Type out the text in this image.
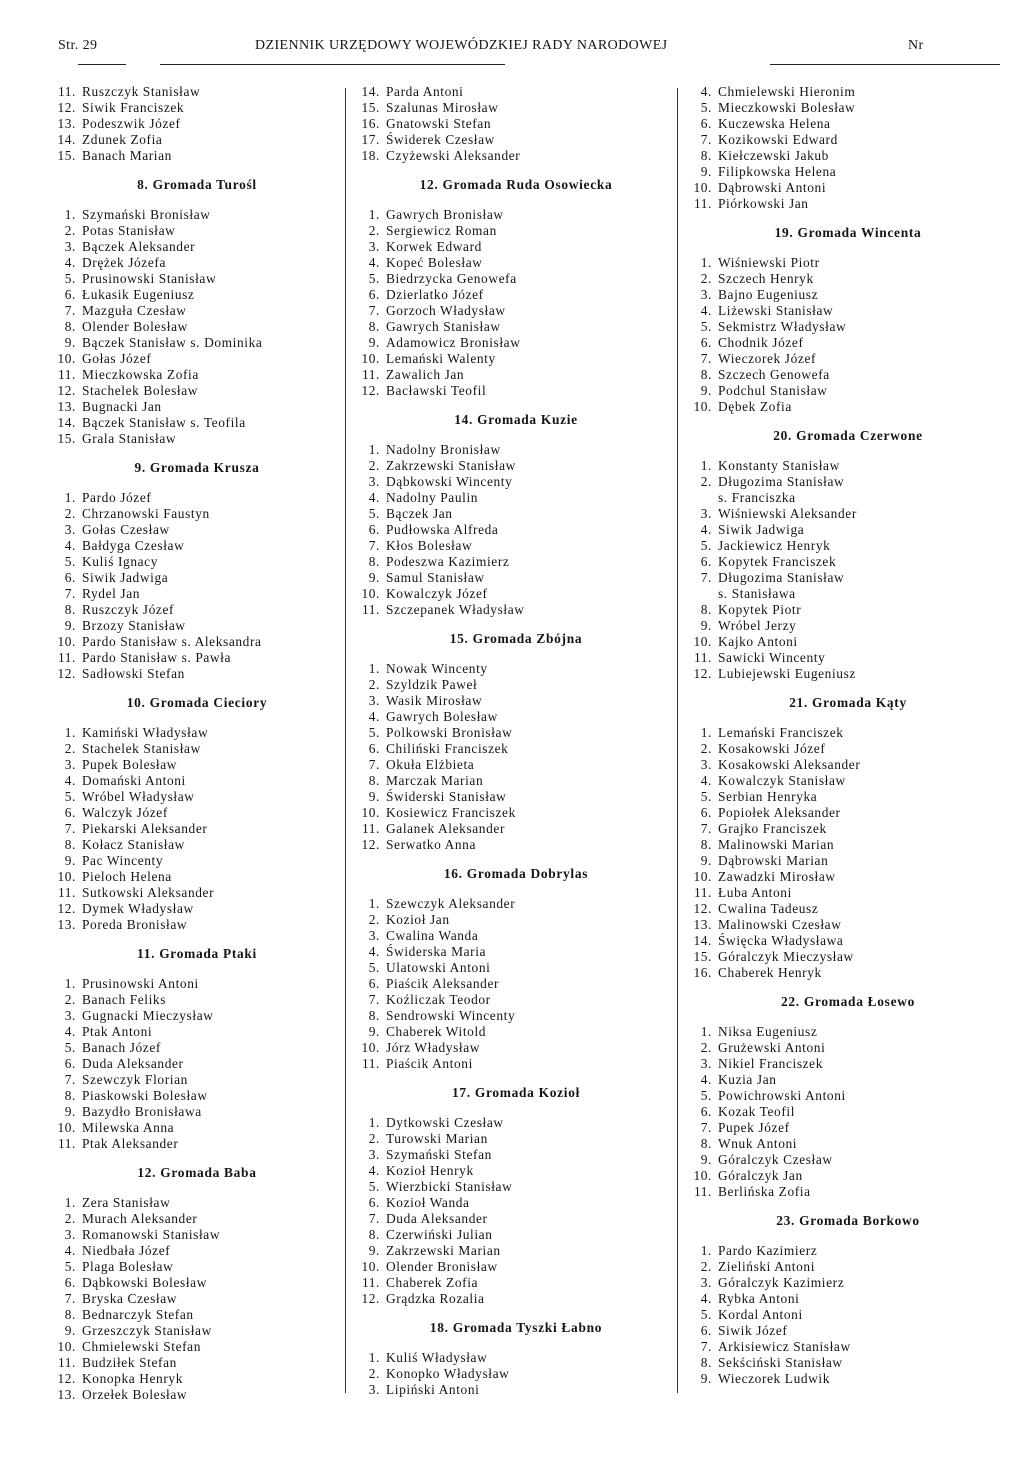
Str. 29	DZIENNIK URZĘDOWY WOJEWÓDZKIEJ RADY NARODOWEJ	Nr
11. Ruszczyk Stanisław
12. Siwik Franciszek
13. Podeszwik Józef
14. Zdunek Zofia
15. Banach Marian
8. Gromada Turośl
1. Szymański Bronisław
2. Potas Stanisław
3. Bączek Aleksander
4. Drężek Józefa
5. Prusinowski Stanisław
6. Łukasik Eugeniusz
7. Mazguła Czesław
8. Olender Bolesław
9. Bączek Stanisław s. Dominika
10. Gołas Józef
11. Mieczkowska Zofia
12. Stachelek Bolesław
13. Bugnacki Jan
14. Bączek Stanisław s. Teofila
15. Grala Stanisław
9. Gromada Krusza
1. Pardo Józef
2. Chrzanowski Faustyn
3. Gołas Czesław
4. Bałdyga Czesław
5. Kuliś Ignacy
6. Siwik Jadwiga
7. Rydel Jan
8. Ruszczyk Józef
9. Brzozy Stanisław
10. Pardo Stanisław s. Aleksandra
11. Pardo Stanisław s. Pawła
12. Sadłowski Stefan
10. Gromada Cieciory
1. Kamiński Władysław
2. Stachelek Stanisław
3. Pupek Bolesław
4. Domański Antoni
5. Wróbel Władysław
6. Walczyk Józef
7. Piekarski Aleksander
8. Kołacz Stanisław
9. Pac Wincenty
10. Pieloch Helena
11. Sutkowski Aleksander
12. Dymek Władysław
13. Poreda Bronisław
11. Gromada Ptaki
1. Prusinowski Antoni
2. Banach Feliks
3. Gugnacki Mieczysław
4. Ptak Antoni
5. Banach Józef
6. Duda Aleksander
7. Szewczyk Florian
8. Piaskowski Bolesław
9. Bazydło Bronisława
10. Milewska Anna
11. Ptak Aleksander
12. Gromada Baba
1. Zera Stanisław
2. Murach Aleksander
3. Romanowski Stanisław
4. Niedbała Józef
5. Plaga Bolesław
6. Dąbkowski Bolesław
7. Bryska Czesław
8. Bednarczyk Stefan
9. Grzeszczyk Stanisław
10. Chmielewski Stefan
11. Budziłek Stefan
12. Konopka Henryk
13. Orzełek Bolesław
14. Parda Antoni
15. Szalunas Mirosław
16. Gnatowski Stefan
17. Świderek Czesław
18. Czyżewski Aleksander
12. Gromada Ruda Osowiecka
1. Gawrych Bronisław
2. Sergiewicz Roman
3. Korwek Edward
4. Kopeć Bolesław
5. Biedrzycka Genowefa
6. Dzierlatko Józef
7. Gorzoch Władysław
8. Gawrych Stanisław
9. Adamowicz Bronisław
10. Lemański Walenty
11. Zawalich Jan
12. Bacławski Teofil
14. Gromada Kuzie
1. Nadolny Bronisław
2. Zakrzewski Stanisław
3. Dąbkowski Wincenty
4. Nadolny Paulin
5. Bączek Jan
6. Pudłowska Alfreda
7. Kłos Bolesław
8. Podeszwa Kazimierz
9. Samul Stanisław
10. Kowalczyk Józef
11. Szczepanek Władysław
15. Gromada Zbójna
1. Nowak Wincenty
2. Szyldzik Paweł
3. Wasik Mirosław
4. Gawrych Bolesław
5. Polkowski Bronisław
6. Chiliński Franciszek
7. Okuła Elżbieta
8. Marczak Marian
9. Świderski Stanisław
10. Kosiewicz Franciszek
11. Galanek Aleksander
12. Serwatko Anna
16. Gromada Dobrylas
1. Szewczyk Aleksander
2. Kozioł Jan
3. Cwalina Wanda
4. Świderska Maria
5. Ulatowski Antoni
6. Piaścik Aleksander
7. Koźliczak Teodor
8. Sendrowski Wincenty
9. Chaberek Witold
10. Jórz Władysław
11. Piaścik Antoni
17. Gromada Kozioł
1. Dytkowski Czesław
2. Turowski Marian
3. Szymański Stefan
4. Kozioł Henryk
5. Wierzbicki Stanisław
6. Kozioł Wanda
7. Duda Aleksander
8. Czerwiński Julian
9. Zakrzewski Marian
10. Olender Bronisław
11. Chaberek Zofia
12. Grądzka Rozalia
18. Gromada Tyszki Łabno
1. Kuliś Władysław
2. Konopko Władysław
3. Lipiński Antoni
4. Chmielewski Hieronim
5. Mieczkowski Bolesław
6. Kuczewska Helena
7. Kozikowski Edward
8. Kiełczewski Jakub
9. Filipkowska Helena
10. Dąbrowski Antoni
11. Piórkowski Jan
19. Gromada Wincenta
1. Wiśniewski Piotr
2. Szczech Henryk
3. Bajno Eugeniusz
4. Liżewski Stanisław
5. Sekmistrz Władysław
6. Chodnik Józef
7. Wieczorek Józef
8. Szczech Genowefa
9. Podchul Stanisław
10. Dębek Zofia
20. Gromada Czerwone
1. Konstanty Stanisław
2. Długozima Stanisław
s. Franciszka
3. Wiśniewski Aleksander
4. Siwik Jadwiga
5. Jackiewicz Henryk
6. Kopytek Franciszek
7. Długozima Stanisław
s. Stanisława
8. Kopytek Piotr
9. Wróbel Jerzy
10. Kajko Antoni
11. Sawicki Wincenty
12. Lubiejewski Eugeniusz
21. Gromada Kąty
1. Lemański Franciszek
2. Kosakowski Józef
3. Kosakowski Aleksander
4. Kowalczyk Stanisław
5. Serbian Henryka
6. Popiołek Aleksander
7. Grajko Franciszek
8. Malinowski Marian
9. Dąbrowski Marian
10. Zawadzki Mirosław
11. Łuba Antoni
12. Cwalina Tadeusz
13. Malinowski Czesław
14. Święcka Władysława
15. Góralczyk Mieczysław
16. Chaberek Henryk
22. Gromada Łosewo
1. Niksa Eugeniusz
2. Grużewski Antoni
3. Nikiel Franciszek
4. Kuzia Jan
5. Powichrowski Antoni
6. Kozak Teofil
7. Pupek Józef
8. Wnuk Antoni
9. Góralczyk Czesław
10. Góralczyk Jan
11. Berlińska Zofia
23. Gromada Borkowo
1. Pardo Kazimierz
2. Zieliński Antoni
3. Góralczyk Kazimierz
4. Rybka Antoni
5. Kordal Antoni
6. Siwik Józef
7. Arkisiewicz Stanisław
8. Sekściński Stanisław
9. Wieczorek Ludwik
